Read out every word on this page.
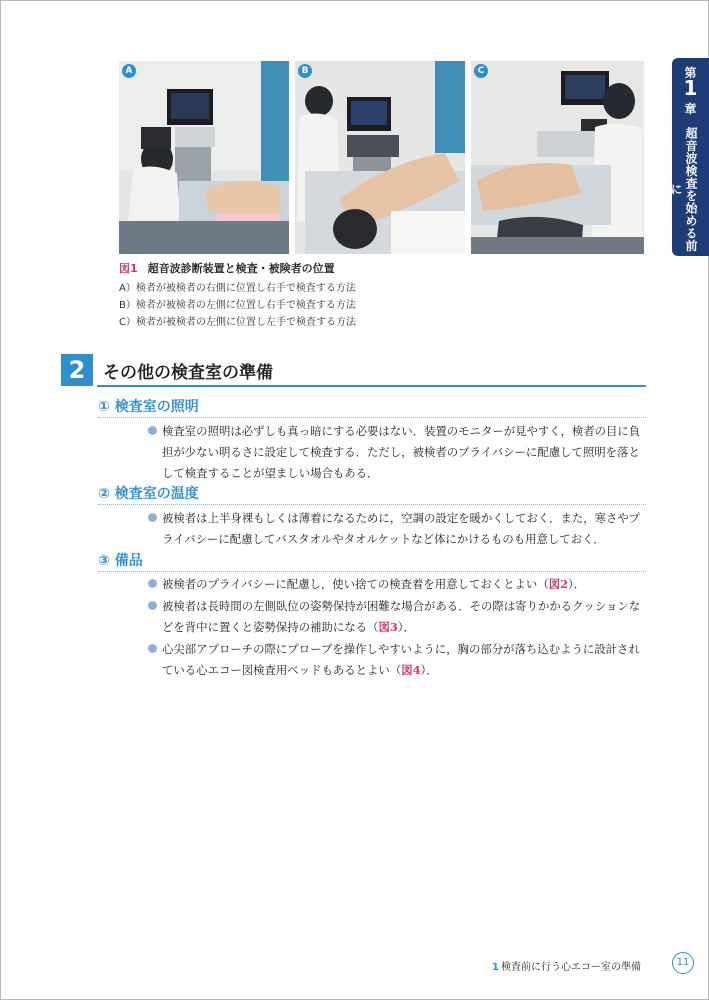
A	B	C
図1 超音波診断装置と検査・被険者の位置
A）検者が被検者の右側に位置し右手で検査する方法
B）検者が被検者の左側に位置し右手で検査する方法
C）検者が被検者の左側に位置し左手で検査する方法
第
1
章
超音波検査を始める前に
2	その他の検査室の準備
① 検査室の照明
検査室の照明は必ずしも真っ暗にする必要はない．装置のモニターが見やすく，検者の目に負担が少ない明るさに設定して検査する．ただし，被検者のプライバシーに配慮して照明を落として検査することが望ましい場合もある．
② 検査室の温度
被検者は上半身裸もしくは薄着になるために，空調の設定を暖かくしておく．また，寒さやプライバシーに配慮してバスタオルやタオルケットなど体にかけるものも用意しておく．
③ 備品
被検者のプライバシーに配慮し，使い捨ての検査着を用意しておくとよい（図2）．
被検者は長時間の左側臥位の姿勢保持が困難な場合がある．その際は寄りかかるクッションなどを背中に置くと姿勢保持の補助になる（図3）．
心尖部アプローチの際にプローブを操作しやすいように，胸の部分が落ち込むように設計されている心エコー図検査用ベッドもあるとよい（図4）．
1 検査前に行う心エコー室の準備	11
